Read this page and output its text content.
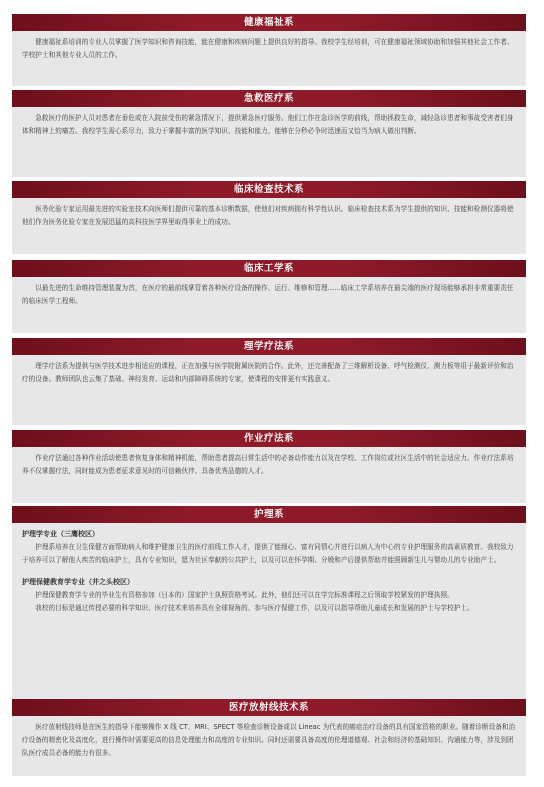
健康福祉系

健康福祉系培训的专业人员掌握了医学知识和咨询技能，能在健康和疾病问题上提供良好的指导。我校学生经培训，可在健康福祉领域协助和加强其他社会工作者、学校护士和其他专业人员的工作。

急救医疗系

急救医疗的医护人员对患者在垂危或在入院前受伤的紧急情况下，提供紧急医疗服务。他们工作在急诊医学的前线，帮助拯救生命，减轻急诊患者和事故受害者们身体和精神上的痛苦。我校学生需心系尽力，致力于掌握丰富的医学知识、技能和能力，能够在分秒必争时迅速而又恰当为病人做出判断。

临床检查技术系

医务化验专家运用最先进的实验室技术向医师们提供可靠的基本诊断数据，使他们对疾病拥有科学性认识。临床检查技术系为学生提供的知识、技能和检测仪器将使他们作为医务化验专家在发展迅猛的高科技医学界里取得事业上的成功。

临床工学系

以最先进的生命维持管理装置为首，在医疗的最前线掌管着各种医疗设备的操作、运行、维修和管理……临床工学系培养在最尖端的医疗现场能够承担非常重要责任的临床医学工程师。

理学疗法系

理学疗法系为提供与医学技术进步相适应的课程，正在加强与医学院附属医院的合作。此外，还完善配备了三维解析设备、呼气检测仪、测力板等用于最新评价和治疗的设备。教师团队也云集了基础、神经发育、运动和内部障碍系统的专家，使课程的安排更有实践意义。

作业疗法系

作业疗法通过各种作业活动使患者恢复身体和精神机能，帮助患者提高日常生活中的必备动作能力以及在学校、工作岗位或社区生活中的社会适应力。作业疗法系培养不仅掌握疗法，同时能成为患者征求意见时的可信赖伙伴、具备优秀品德的人才。

护理系

护理学专业（三鹰校区）

护理系培养在卫生保健方面帮助病人和维护健康卫生的医疗前线工作人才，提供了能细心、富有同情心并进行以病人为中心的专业护理服务的高素质教育。我校致力于培养可以了解他人疾苦的临床护士，具有专业知识，愿为社区奉献的公共护士，以及可以在怀孕期、分娩和产后提供帮助并能照顾新生儿与婴幼儿的专业助产士。

护理保健教育学专业（井之头校区）

护理保健教育学专业的毕业生有资格参加（日本的）国家护士执照资格考试。此外，他们还可以在学完标准课程之后领取学校紧发的护理执照。

我校的目标是通过传授必要的科学知识、医疗技术来培养具有全球视角的、参与医疗保健工作，以及可以指导帮助儿童成长和发展的护士与学校护士。

医疗放射线技术系

医疗放射线技师是在医生的指导下能够操作 X 线 CT、MRI、SPECT 等检查诊断设备或以 Lineac 为代表的癌症治疗设备的具有国家资格的职业。随着诊断设备和治疗设备的精密化及高度化，进行操作时需要更高的信息处理能力和高度的专业知识。同时还需要具备高度的伦理道德观、社会和经济的基础知识、沟通能力等，涉及到团队医疗成员必备的能力有很多。
